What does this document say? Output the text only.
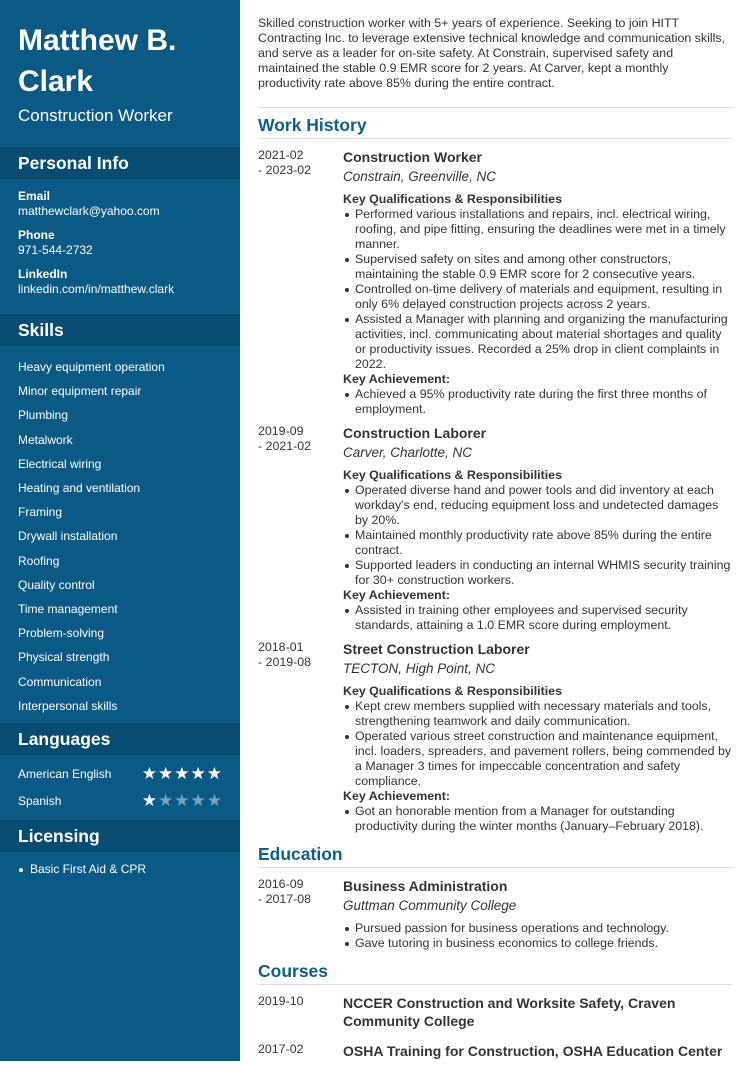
Matthew B. Clark
Construction Worker
Personal Info
Email
matthewclark@yahoo.com
Phone
971-544-2732
LinkedIn
linkedin.com/in/matthew.clark
Skills
Heavy equipment operation
Minor equipment repair
Plumbing
Metalwork
Electrical wiring
Heating and ventilation
Framing
Drywall installation
Roofing
Quality control
Time management
Problem-solving
Physical strength
Communication
Interpersonal skills
Languages
American English ★★★★★
Spanish	★★★★★
Licensing
Basic First Aid & CPR

Skilled construction worker with 5+ years of experience. Seeking to join HITT Contracting Inc. to leverage extensive technical knowledge and communication skills, and serve as a leader for on-site safety. At Constrain, supervised safety and maintained the stable 0.9 EMR score for 2 years. At Carver, kept a monthly productivity rate above 85% during the entire contract.

Work History
2021-02
- 2023-02
Construction Worker
Constrain, Greenville, NC
Key Qualifications & Responsibilities
Performed various installations and repairs, incl. electrical wiring, roofing, and pipe fitting, ensuring the deadlines were met in a timely manner.
Supervised safety on sites and among other constructors, maintaining the stable 0.9 EMR score for 2 consecutive years.
Controlled on-time delivery of materials and equipment, resulting in only 6% delayed construction projects across 2 years.
Assisted a Manager with planning and organizing the manufacturing activities, incl. communicating about material shortages and quality or productivity issues. Recorded a 25% drop in client complaints in 2022.
Key Achievement:
Achieved a 95% productivity rate during the first three months of employment.
2019-09
- 2021-02
Construction Laborer
Carver, Charlotte, NC
Key Qualifications & Responsibilities
Operated diverse hand and power tools and did inventory at each workday's end, reducing equipment loss and undetected damages by 20%.
Maintained monthly productivity rate above 85% during the entire contract.
Supported leaders in conducting an internal WHMIS security training for 30+ construction workers.
Key Achievement:
Assisted in training other employees and supervised security standards, attaining a 1.0 EMR score during employment.
2018-01
- 2019-08
Street Construction Laborer
TECTON, High Point, NC
Key Qualifications & Responsibilities
Kept crew members supplied with necessary materials and tools, strengthening teamwork and daily communication.
Operated various street construction and maintenance equipment, incl. loaders, spreaders, and pavement rollers, being commended by a Manager 3 times for impeccable concentration and safety compliance.
Key Achievement:
Got an honorable mention from a Manager for outstanding productivity during the winter months (January–February 2018).
Education
2016-09
- 2017-08
Business Administration
Guttman Community College
Pursued passion for business operations and technology.
Gave tutoring in business economics to college friends.
Courses
2019-10	NCCER Construction and Worksite Safety, Craven Community College
2017-02	OSHA Training for Construction, OSHA Education Center
